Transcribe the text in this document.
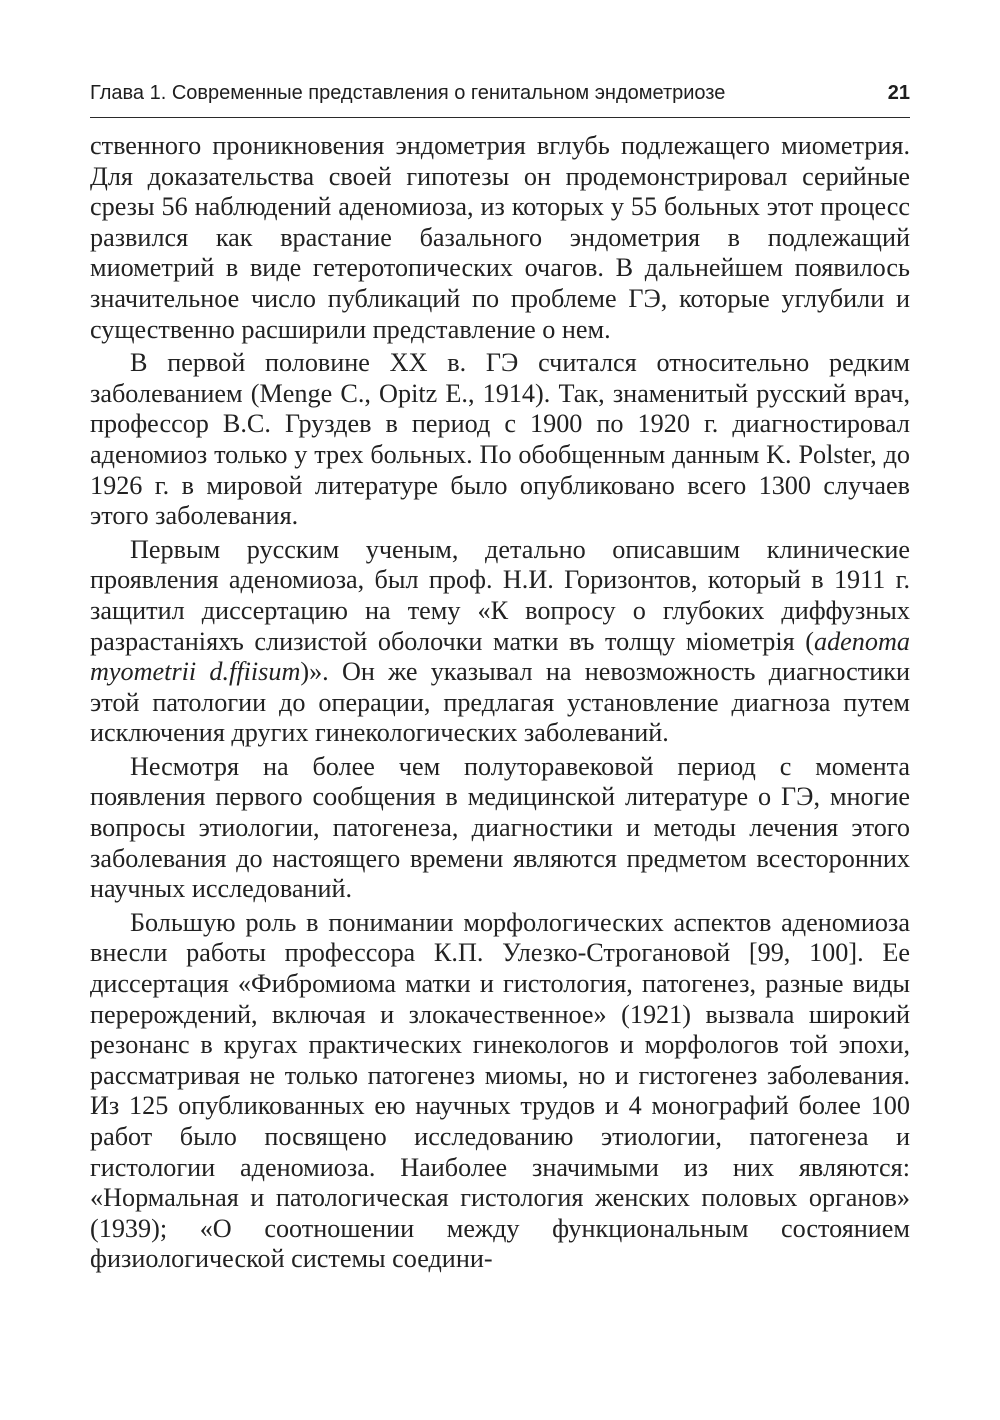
Глава 1. Современные представления о генитальном эндометриозе	21

ственного проникновения эндометрия вглубь подлежащего миометрия. Для доказательства своей гипотезы он продемонстрировал серийные срезы 56 наблюдений аденомиоза, из которых у 55 больных этот процесс развился как врастание базального эндометрия в подлежащий миометрий в виде гетеротопических очагов. В дальнейшем появилось значительное число публикаций по проблеме ГЭ, которые углубили и существенно расширили представление о нем.

В первой половине XX в. ГЭ считался относительно редким заболеванием (Menge C., Opitz E., 1914). Так, знаменитый русский врач, профессор В.С. Груздев в период с 1900 по 1920 г. диагностировал аденомиоз только у трех больных. По обобщенным данным K. Polster, до 1926 г. в мировой литературе было опубликовано всего 1300 случаев этого заболевания.

Первым русским ученым, детально описавшим клинические проявления аденомиоза, был проф. Н.И. Горизонтов, который в 1911 г. защитил диссертацию на тему «К вопросу о глубоких диффузных разрастаніяхъ слизистой оболочки матки въ толщу міометрія (adenoma myometrii d.ffiisum)». Он же указывал на невозможность диагностики этой патологии до операции, предлагая установление диагноза путем исключения других гинекологических заболеваний.

Несмотря на более чем полуторавековой период с момента появления первого сообщения в медицинской литературе о ГЭ, многие вопросы этиологии, патогенеза, диагностики и методы лечения этого заболевания до настоящего времени являются предметом всесторонних научных исследований.

Большую роль в понимании морфологических аспектов аденомиоза внесли работы профессора К.П. Улезко-Строгановой [99, 100]. Ее диссертация «Фибромиома матки и гистология, патогенез, разные виды перерождений, включая и злокачественное» (1921) вызвала широкий резонанс в кругах практических гинекологов и морфологов той эпохи, рассматривая не только патогенез миомы, но и гистогенез заболевания. Из 125 опубликованных ею научных трудов и 4 монографий более 100 работ было посвящено исследованию этиологии, патогенеза и гистологии аденомиоза. Наиболее значимыми из них являются: «Нормальная и патологическая гистология женских половых органов» (1939); «О соотношении между функциональным состоянием физиологической системы соедини-
